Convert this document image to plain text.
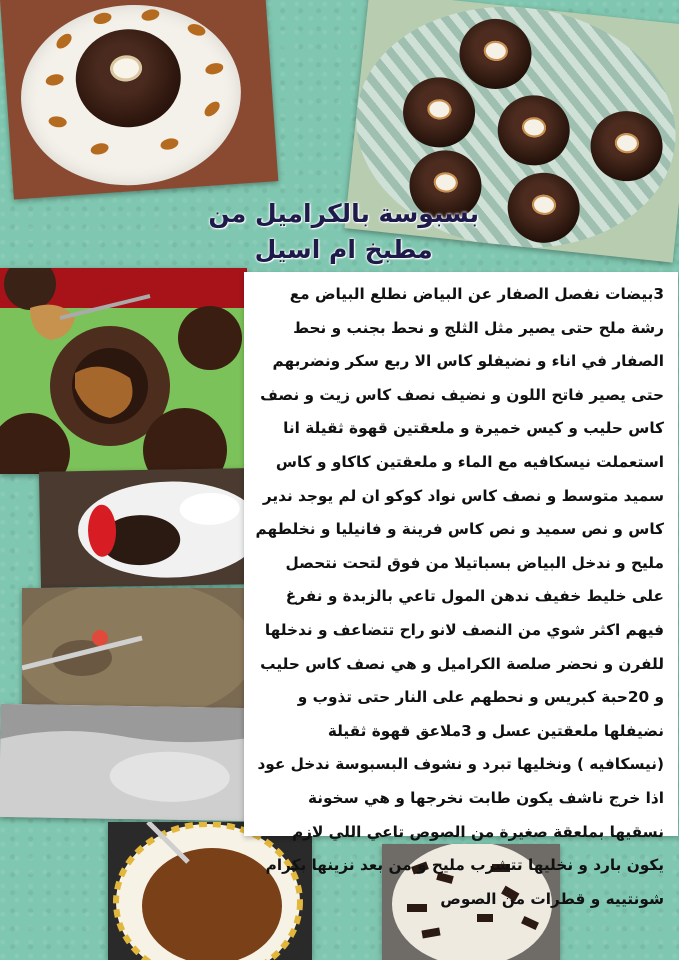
بسبوسة بالكراميل من
مطبخ ام اسيل
3بيضات نفصل الصفار عن البياض نطلع البياض مع
رشة ملح حتى يصير مثل الثلج و نحط بجنب و نحط
الصفار في اناء و نضيفلو كاس الا ربع سكر ونضربهم
حتى يصير فاتح اللون و نضيف نصف كاس زيت و نصف
كاس حليب و كيس خميرة و ملعقتين قهوة ثقيلة انا
استعملت نيسكافيه مع الماء و ملعقتين كاكاو و كاس
سميد متوسط و نصف كاس نواد كوكو ان لم يوجد ندير
كاس و نص سميد و نص كاس فرينة و فانيليا و نخلطهم
مليح و ندخل البياض بسباتيلا من فوق لتحت نتحصل
على خليط خفيف ندهن المول تاعي بالزبدة و نفرغ
فيهم اكثر شوي من النصف لانو راح تتضاعف و ندخلها
للفرن و نحضر صلصة الكراميل و هي نصف كاس حليب
و 20حبة كبريس و نحطهم على النار حتى تذوب و
نضيفلها ملعقتين عسل و 3ملاعق قهوة ثقيلة
(نيسكافيه ) ونخليها تبرد و نشوف البسبوسة ندخل عود
اذا خرج ناشف يكون طابت نخرجها و هي سخونة
نسقيها بملعقة صغيرة من الصوص تاعي اللي لازم
يكون بارد و نخليها تتشرب مليح و من بعد نزينها بكرام
شونتييه و قطرات من الصوص
